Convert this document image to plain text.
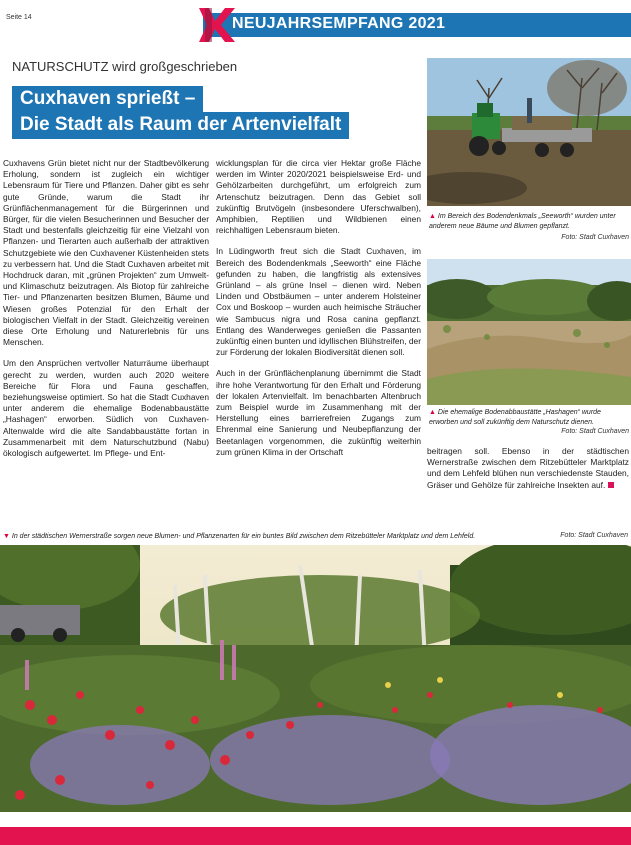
Seite 14	NEUJAHRSEMPFANG 2021
NATURSCHUTZ wird großgeschrieben
Cuxhaven sprießt –
Die Stadt als Raum der Artenvielfalt

Cuxhavens Grün bietet nicht nur der Stadtbevölkerung Erholung, sondern ist zugleich ein wichtiger Lebensraum für Tiere und Pflanzen. Daher gibt es sehr gute Gründe, warum die Stadt ihr Grünflächenmanagement für die Bürgerinnen und Bürger, für die vielen Besucherinnen und Besucher der Stadt und bestenfalls gleichzeitig für eine Vielzahl von Pflanzen- und Tierarten auch außerhalb der attraktiven Schutzgebiete wie den Cuxhavener Küstenheiden stets zu verbessern hat. Und die Stadt Cuxhaven arbeitet mit Hochdruck daran, mit „grünen Projekten“ zum Umwelt- und Klimaschutz beizutragen. Als Biotop für zahlreiche Tier- und Pflanzenarten besitzen Blumen, Bäume und Wiesen großes Potenzial für den Erhalt der biologischen Vielfalt in der Stadt. Gleichzeitig vereinen diese Orte Erholung und Naturerlebnis für uns Menschen.

Um den Ansprüchen vertvoller Naturräume überhaupt gerecht zu werden, wurden auch 2020 weitere Bereiche für Flora und Fauna geschaffen, beziehungsweise optimiert. So hat die Stadt Cuxhaven unter anderem die ehemalige Bodenabbaustätte „Hashagen“ erworben. Südlich von Cuxhaven-Altenwalde wird die alte Sandabbaustätte fortan in Zusammenarbeit mit dem Naturschutzbund (Nabu) ökologisch aufgewertet. Im Pflege- und Ent-

wicklungsplan für die circa vier Hektar große Fläche werden im Winter 2020/2021 beispielsweise Erd- und Gehölzarbeiten durchgeführt, um erfolgreich zum Artenschutz beizutragen. Denn das Gebiet soll zukünftig Brutvögeln (insbesondere Uferschwalben), Amphibien, Reptilien und Wildbienen einen reichhaltigen Lebensraum bieten.

In Lüdingworth freut sich die Stadt Cuxhaven, im Bereich des Bodendenkmals „Seeworth“ eine Fläche gefunden zu haben, die langfristig als extensives Grünland – als grüne Insel – dienen wird. Neben Linden und Obstbäumen – unter anderem Holsteiner Cox und Boskoop – wurden auch heimische Sträucher wie Sambucus nigra und Rosa canina gepflanzt. Entlang des Wanderweges genießen die Passanten zukünftig einen bunten und idyllischen Blühstreifen, der zur Förderung der lokalen Biodiversität dienen soll.

Auch in der Grünflächenplanung übernimmt die Stadt ihre hohe Verantwortung für den Erhalt und Förderung der lokalen Artenvielfalt. Im benachbarten Altenbruch zum Beispiel wurde im Zusammenhang mit der Herstellung eines barrierefreien Zugangs zum Ehrenmal eine Sanierung und Neubepflanzung der Beetanlagen vorgenommen, die zukünftig weiterhin zum grünen Klima in der Ortschaft	beitragen soll. Ebenso in der städtischen Wernerstraße zwischen dem Ritzebütteler Marktplatz und dem Lehfeld blühen nun verschiedenste Stauden, Gräser und Gehölze für zahlreiche Insekten auf.

▲ Im Bereich des Bodendenkmals „Seeworth“ wurden unter anderem neue Bäume und Blumen gepflanzt.
Foto: Stadt Cuxhaven
▲ Die ehemalige Bodenabbaustätte „Hashagen“ wurde erworben und soll zukünftig dem Naturschutz dienen.
Foto: Stadt Cuxhaven
▼ In der städtischen Wernerstraße sorgen neue Blumen- und Pflanzenarten für ein buntes Bild zwischen dem Ritzebütteler Marktplatz und dem Lehfeld.	Foto: Stadt Cuxhaven
